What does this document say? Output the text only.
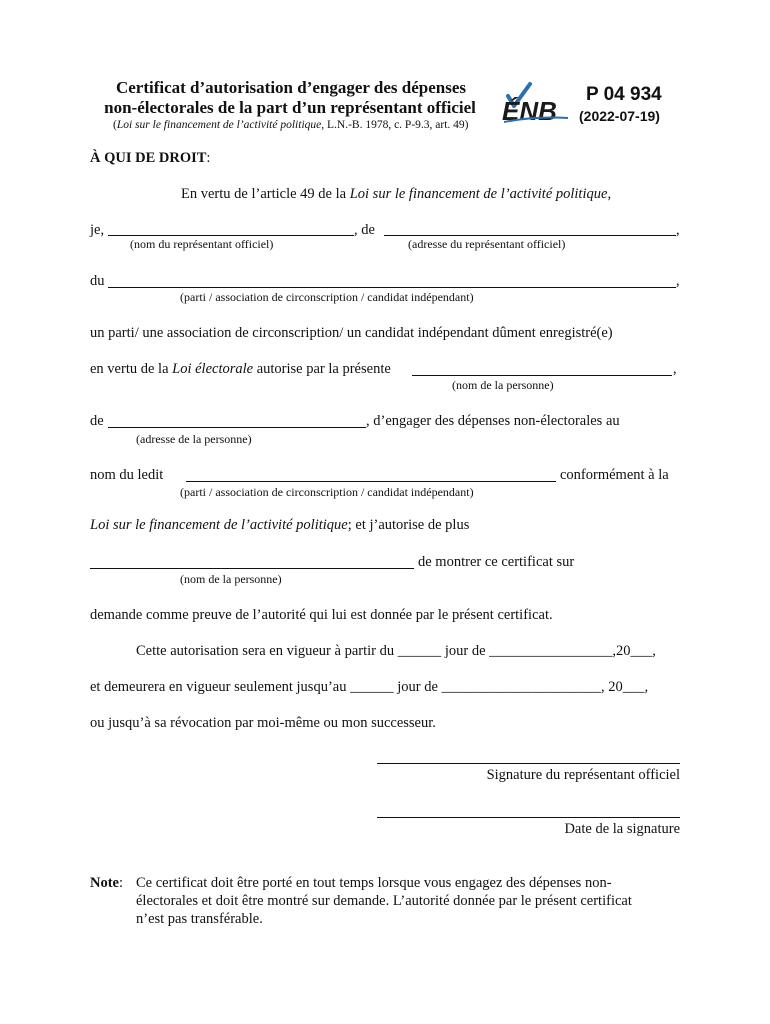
Certificat d’autorisation d’engager des dépenses
non-électorales de la part d’un représentant officiel
(Loi sur le financement de l’activité politique, L.N.-B. 1978, c. P-9.3, art. 49) ÉNB
P 04 934
(2022-07-19)
À QUI DE DROIT:
En vertu de l’article 49 de la Loi sur le financement de l’activité politique,
je,	, de	,
(nom du représentant officiel)	(adresse du représentant officiel)
du	,
(parti / association de circonscription / candidat indépendant)
un parti/ une association de circonscription/ un candidat indépendant dûment enregistré(e)
en vertu de la Loi électorale autorise par la présente	,
(nom de la personne)
de	, d’engager des dépenses non-électorales au
(adresse de la personne)
nom du ledit	conformément à la
(parti / association de circonscription / candidat indépendant)
Loi sur le financement de l’activité politique; et j’autorise de plus
de montrer ce certificat sur
(nom de la personne)
demande comme preuve de l’autorité qui lui est donnée par le présent certificat.
Cette autorisation sera en vigueur à partir du ______ jour de _________________,20___,
et demeurera en vigueur seulement jusqu’au ______ jour de ______________________, 20___,
ou jusqu’à sa révocation par moi-même ou mon successeur.
Signature du représentant officiel
Date de la signature
Note: Ce certificat doit être porté en tout temps lorsque vous engagez des dépenses non-
électorales et doit être montré sur demande. L’autorité donnée par le présent certificat
n’est pas transférable.
